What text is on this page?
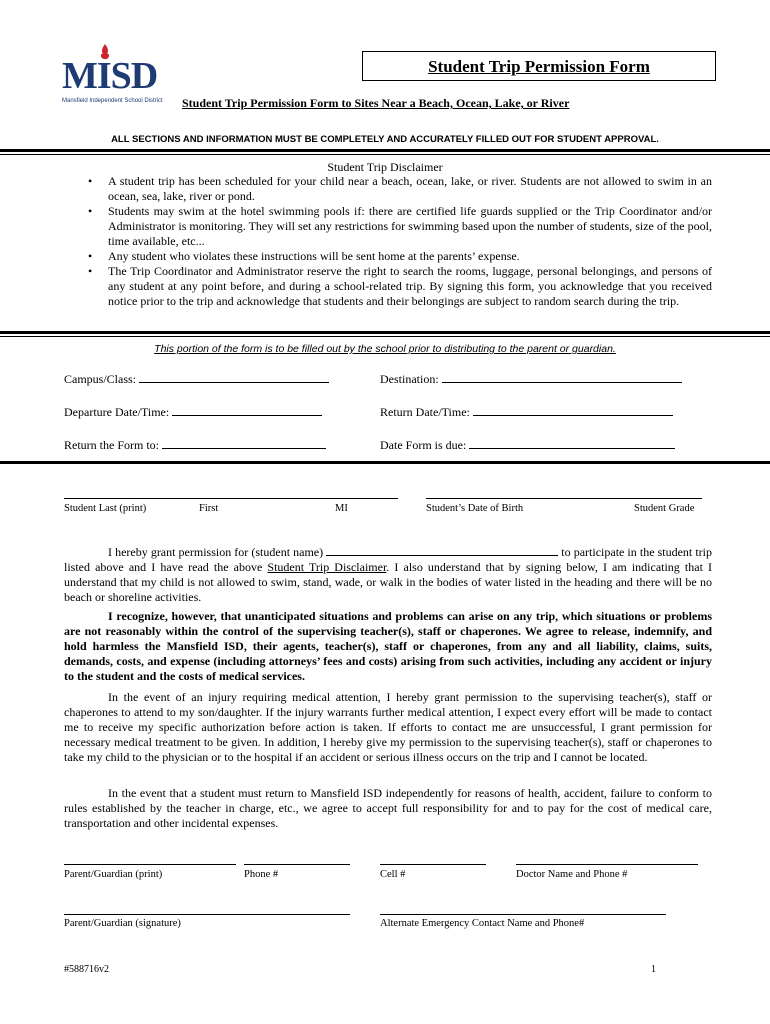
MISD
Mansfield Independent School District
Student Trip Permission Form
Student Trip Permission Form to Sites Near a Beach, Ocean, Lake, or River
ALL SECTIONS AND INFORMATION MUST BE COMPLETELY AND ACCURATELY FILLED OUT FOR STUDENT APPROVAL.
Student Trip Disclaimer
• A student trip has been scheduled for your child near a beach, ocean, lake, or river. Students are not allowed to swim in an ocean, sea, lake, river or pond.
• Students may swim at the hotel swimming pools if: there are certified life guards supplied or the Trip Coordinator and/or Administrator is monitoring. They will set any restrictions for swimming based upon the number of students, size of the pool, time available, etc...
• Any student who violates these instructions will be sent home at the parents’ expense.
• The Trip Coordinator and Administrator reserve the right to search the rooms, luggage, personal belongings, and persons of any student at any point before, and during a school-related trip. By signing this form, you acknowledge that you received notice prior to the trip and acknowledge that students and their belongings are subject to random search during the trip.
This portion of the form is to be filled out by the school prior to distributing to the parent or guardian.
Campus/Class:	Destination:
Departure Date/Time:	Return Date/Time:
Return the Form to:	Date Form is due:
Student Last (print)	First	MI	Student’s Date of Birth	Student Grade

I hereby grant permission for (student name)	to participate in the student trip listed above and I have read the above Student Trip Disclaimer. I also understand that by signing below, I am indicating that I understand that my child is not allowed to swim, stand, wade, or walk in the bodies of water listed in the heading and there will be no beach or shoreline activities.

I recognize, however, that unanticipated situations and problems can arise on any trip, which situations or problems are not reasonably within the control of the supervising teacher(s), staff or chaperones. We agree to release, indemnify, and hold harmless the Mansfield ISD, their agents, teacher(s), staff or chaperones, from any and all liability, claims, suits, demands, costs, and expense (including attorneys’ fees and costs) arising from such activities, including any accident or injury to the student and the costs of medical services.

In the event of an injury requiring medical attention, I hereby grant permission to the supervising teacher(s), staff or chaperones to attend to my son/daughter. If the injury warrants further medical attention, I expect every effort will be made to contact me to receive my specific authorization before action is taken. If efforts to contact me are unsuccessful, I grant permission for necessary medical treatment to be given. In addition, I hereby give my permission to the supervising teacher(s), staff or chaperones to take my child to the physician or to the hospital if an accident or serious illness occurs on the trip and I cannot be located.

In the event that a student must return to Mansfield ISD independently for reasons of health, accident, failure to conform to rules established by the teacher in charge, etc., we agree to accept full responsibility for and to pay for the cost of medical care, transportation and other incidental expenses.

Parent/Guardian (print)	Phone #	Cell #	Doctor Name and Phone #
Parent/Guardian (signature)	Alternate Emergency Contact Name and Phone#
#588716v2	1
